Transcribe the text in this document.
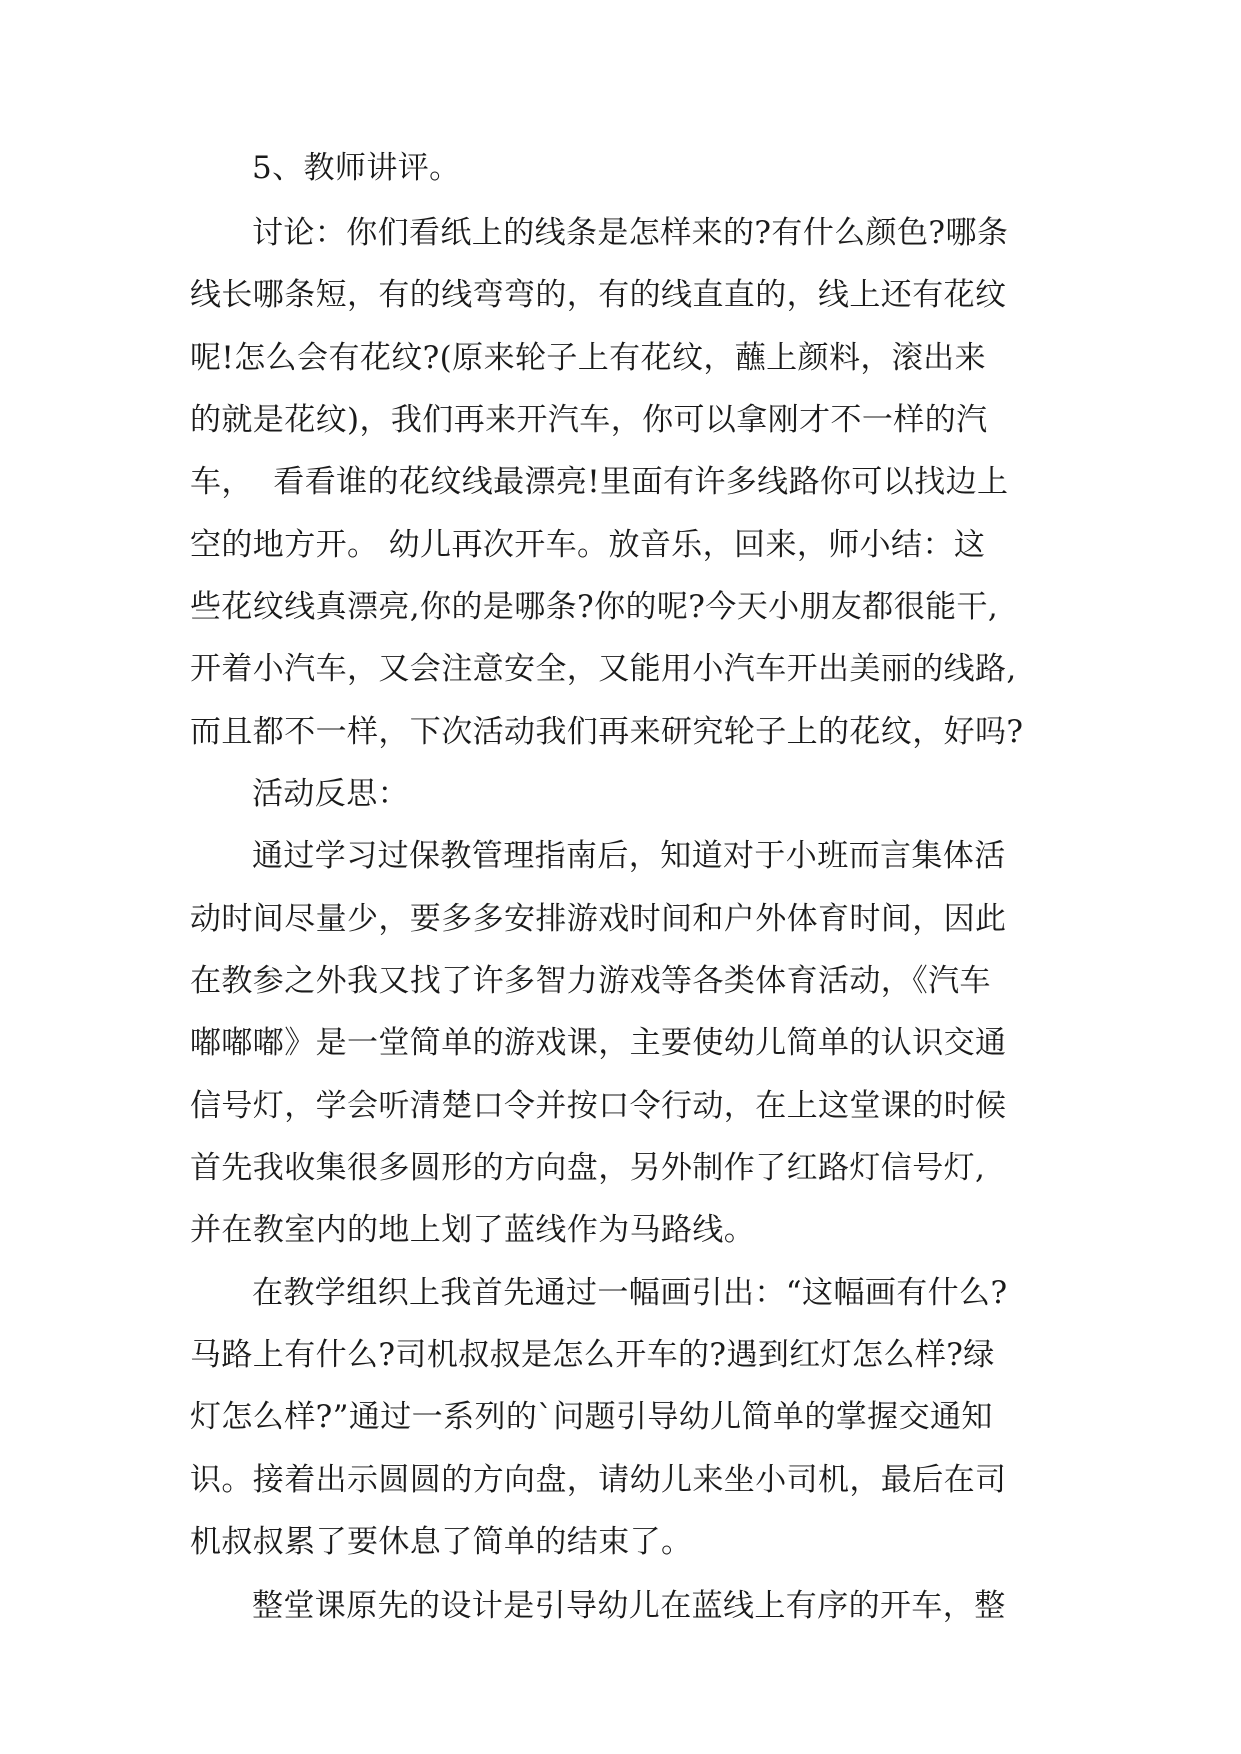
5、教师讲评。
讨论：你们看纸上的线条是怎样来的?有什么颜色?哪条
线长哪条短，有的线弯弯的，有的线直直的，线上还有花纹
呢!怎么会有花纹?(原来轮子上有花纹，蘸上颜料，滚出来
的就是花纹)，我们再来开汽车，你可以拿刚才不一样的汽
车，  看看谁的花纹线最漂亮!里面有许多线路你可以找边上
空的地方开。 幼儿再次开车。放音乐，回来，师小结：这
些花纹线真漂亮,你的是哪条?你的呢?今天小朋友都很能干,
开着小汽车，又会注意安全，又能用小汽车开出美丽的线路,
而且都不一样，下次活动我们再来研究轮子上的花纹，好吗?
活动反思：
通过学习过保教管理指南后，知道对于小班而言集体活
动时间尽量少，要多多安排游戏时间和户外体育时间，因此
在教参之外我又找了许多智力游戏等各类体育活动，《汽车
嘟嘟嘟》是一堂简单的游戏课，主要使幼儿简单的认识交通
信号灯，学会听清楚口令并按口令行动，在上这堂课的时候
首先我收集很多圆形的方向盘，另外制作了红路灯信号灯,
并在教室内的地上划了蓝线作为马路线。
在教学组织上我首先通过一幅画引出：“这幅画有什么?
马路上有什么?司机叔叔是怎么开车的?遇到红灯怎么样?绿
灯怎么样?”通过一系列的`问题引导幼儿简单的掌握交通知
识。接着出示圆圆的方向盘，请幼儿来坐小司机，最后在司
机叔叔累了要休息了简单的结束了。
整堂课原先的设计是引导幼儿在蓝线上有序的开车，整
